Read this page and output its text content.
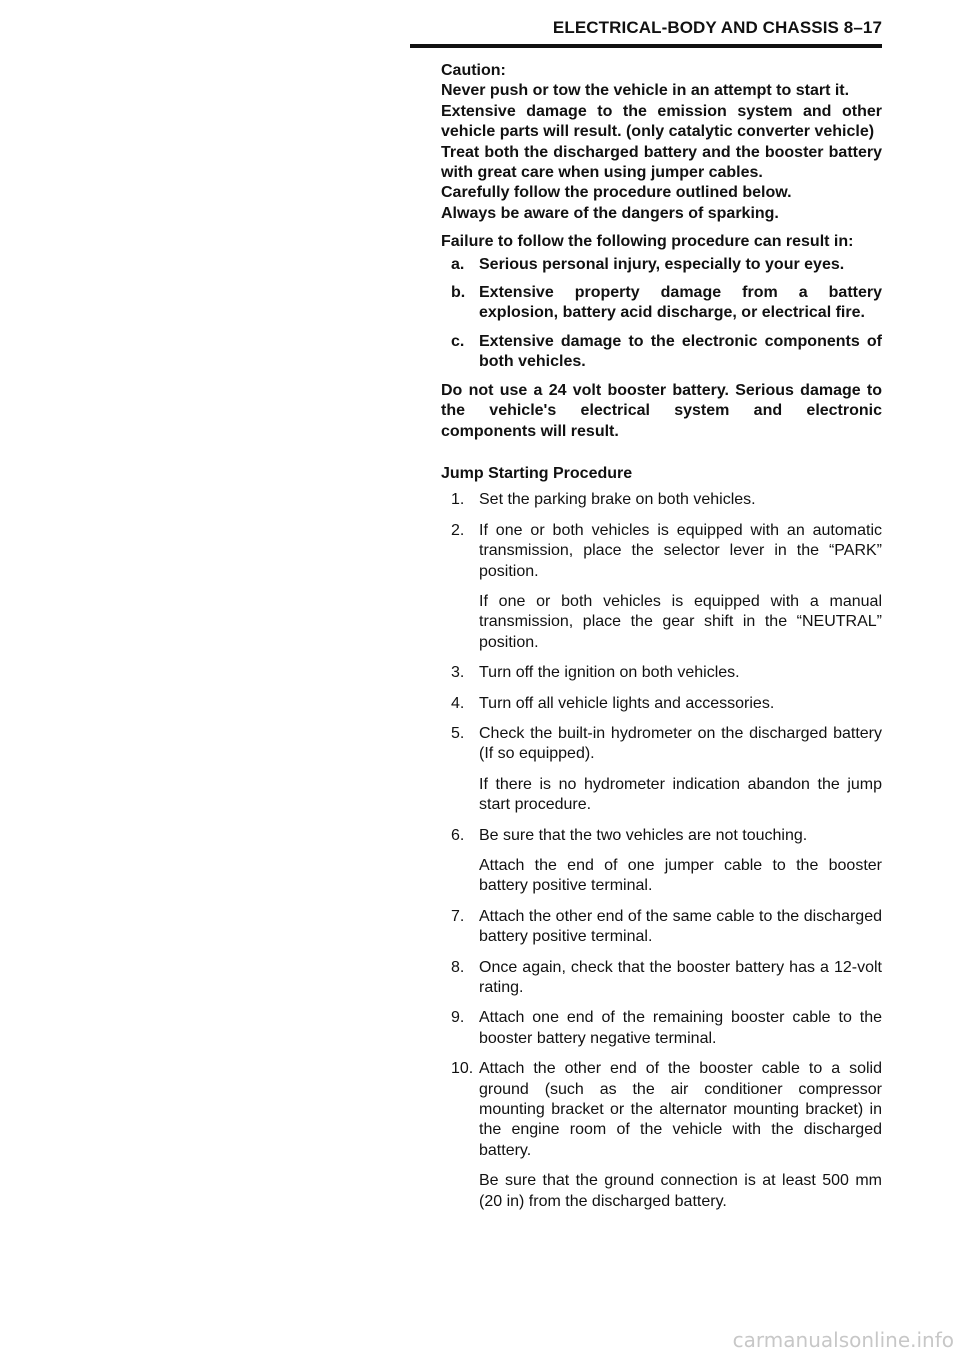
ELECTRICAL-BODY AND CHASSIS 8–17

Caution:

Never push or tow the vehicle in an attempt to start it.

Extensive damage to the emission system and other vehicle parts will result. (only catalytic converter vehicle)

Treat both the discharged battery and the booster battery with great care when using jumper cables.

Carefully follow the procedure outlined below.

Always be aware of the dangers of sparking.

Failure to follow the following procedure can result in:

a. Serious personal injury, especially to your eyes.
b. Extensive property damage from a battery explosion, battery acid discharge, or electrical fire.
c. Extensive damage to the electronic components of both vehicles.

Do not use a 24 volt booster battery. Serious damage to the vehicle's electrical system and electronic components will result.

Jump Starting Procedure
1. Set the parking brake on both vehicles.
2. If one or both vehicles is equipped with an automatic transmission, place the selector lever in the “PARK” position.
If one or both vehicles is equipped with a manual transmission, place the gear shift in the “NEUTRAL” position.
3. Turn off the ignition on both vehicles.
4. Turn off all vehicle lights and accessories.
5. Check the built-in hydrometer on the discharged battery (If so equipped).
If there is no hydrometer indication abandon the jump start procedure.
6. Be sure that the two vehicles are not touching.
Attach the end of one jumper cable to the booster battery positive terminal.
7. Attach the other end of the same cable to the discharged battery positive terminal.
8. Once again, check that the booster battery has a 12-volt rating.
9. Attach one end of the remaining booster cable to the booster battery negative terminal.
10. Attach the other end of the booster cable to a solid ground (such as the air conditioner compressor mounting bracket or the alternator mounting bracket) in the engine room of the vehicle with the discharged battery.
Be sure that the ground connection is at least 500 mm (20 in) from the discharged battery.
carmanualsonline.info
